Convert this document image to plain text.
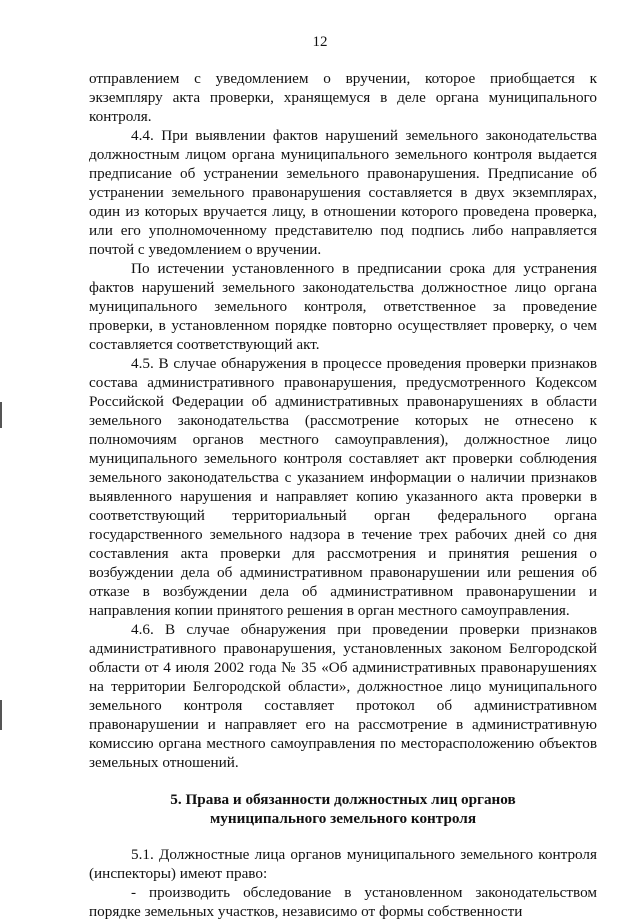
12

отправлением с уведомлением о вручении, которое приобщается к экземпляру акта проверки, хранящемуся в деле органа муниципального контроля.

4.4. При выявлении фактов нарушений земельного законодательства должностным лицом органа муниципального земельного контроля выдается предписание об устранении земельного правонарушения. Предписание об устранении земельного правонарушения составляется в двух экземплярах, один из которых вручается лицу, в отношении которого проведена проверка, или его уполномоченному представителю под подпись либо направляется почтой с уведомлением о вручении.

По истечении установленного в предписании срока для устранения фактов нарушений земельного законодательства должностное лицо органа муниципального земельного контроля, ответственное за проведение проверки, в установленном порядке повторно осуществляет проверку, о чем составляется соответствующий акт.

4.5. В случае обнаружения в процессе проведения проверки признаков состава административного правонарушения, предусмотренного Кодексом Российской Федерации об административных правонарушениях в области земельного законодательства (рассмотрение которых не отнесено к полномочиям органов местного самоуправления), должностное лицо муниципального земельного контроля составляет акт проверки соблюдения земельного законодательства с указанием информации о наличии признаков выявленного нарушения и направляет копию указанного акта проверки в соответствующий территориальный орган федерального органа государственного земельного надзора в течение трех рабочих дней со дня составления акта проверки для рассмотрения и принятия решения о возбуждении дела об административном правонарушении или решения об отказе в возбуждении дела об административном правонарушении и направления копии принятого решения в орган местного самоуправления.

4.6. В случае обнаружения при проведении проверки признаков административного правонарушения, установленных законом Белгородской области от 4 июля 2002 года № 35 «Об административных правонарушениях на территории Белгородской области», должностное лицо муниципального земельного контроля составляет протокол об административном правонарушении и направляет его на рассмотрение в административную комиссию органа местного самоуправления по месторасположению объектов земельных отношений.

5. Права и обязанности должностных лиц органов
муниципального земельного контроля

5.1. Должностные лица органов муниципального земельного контроля (инспекторы) имеют право:

- производить обследование в установленном законодательством порядке земельных участков, независимо от формы собственности
